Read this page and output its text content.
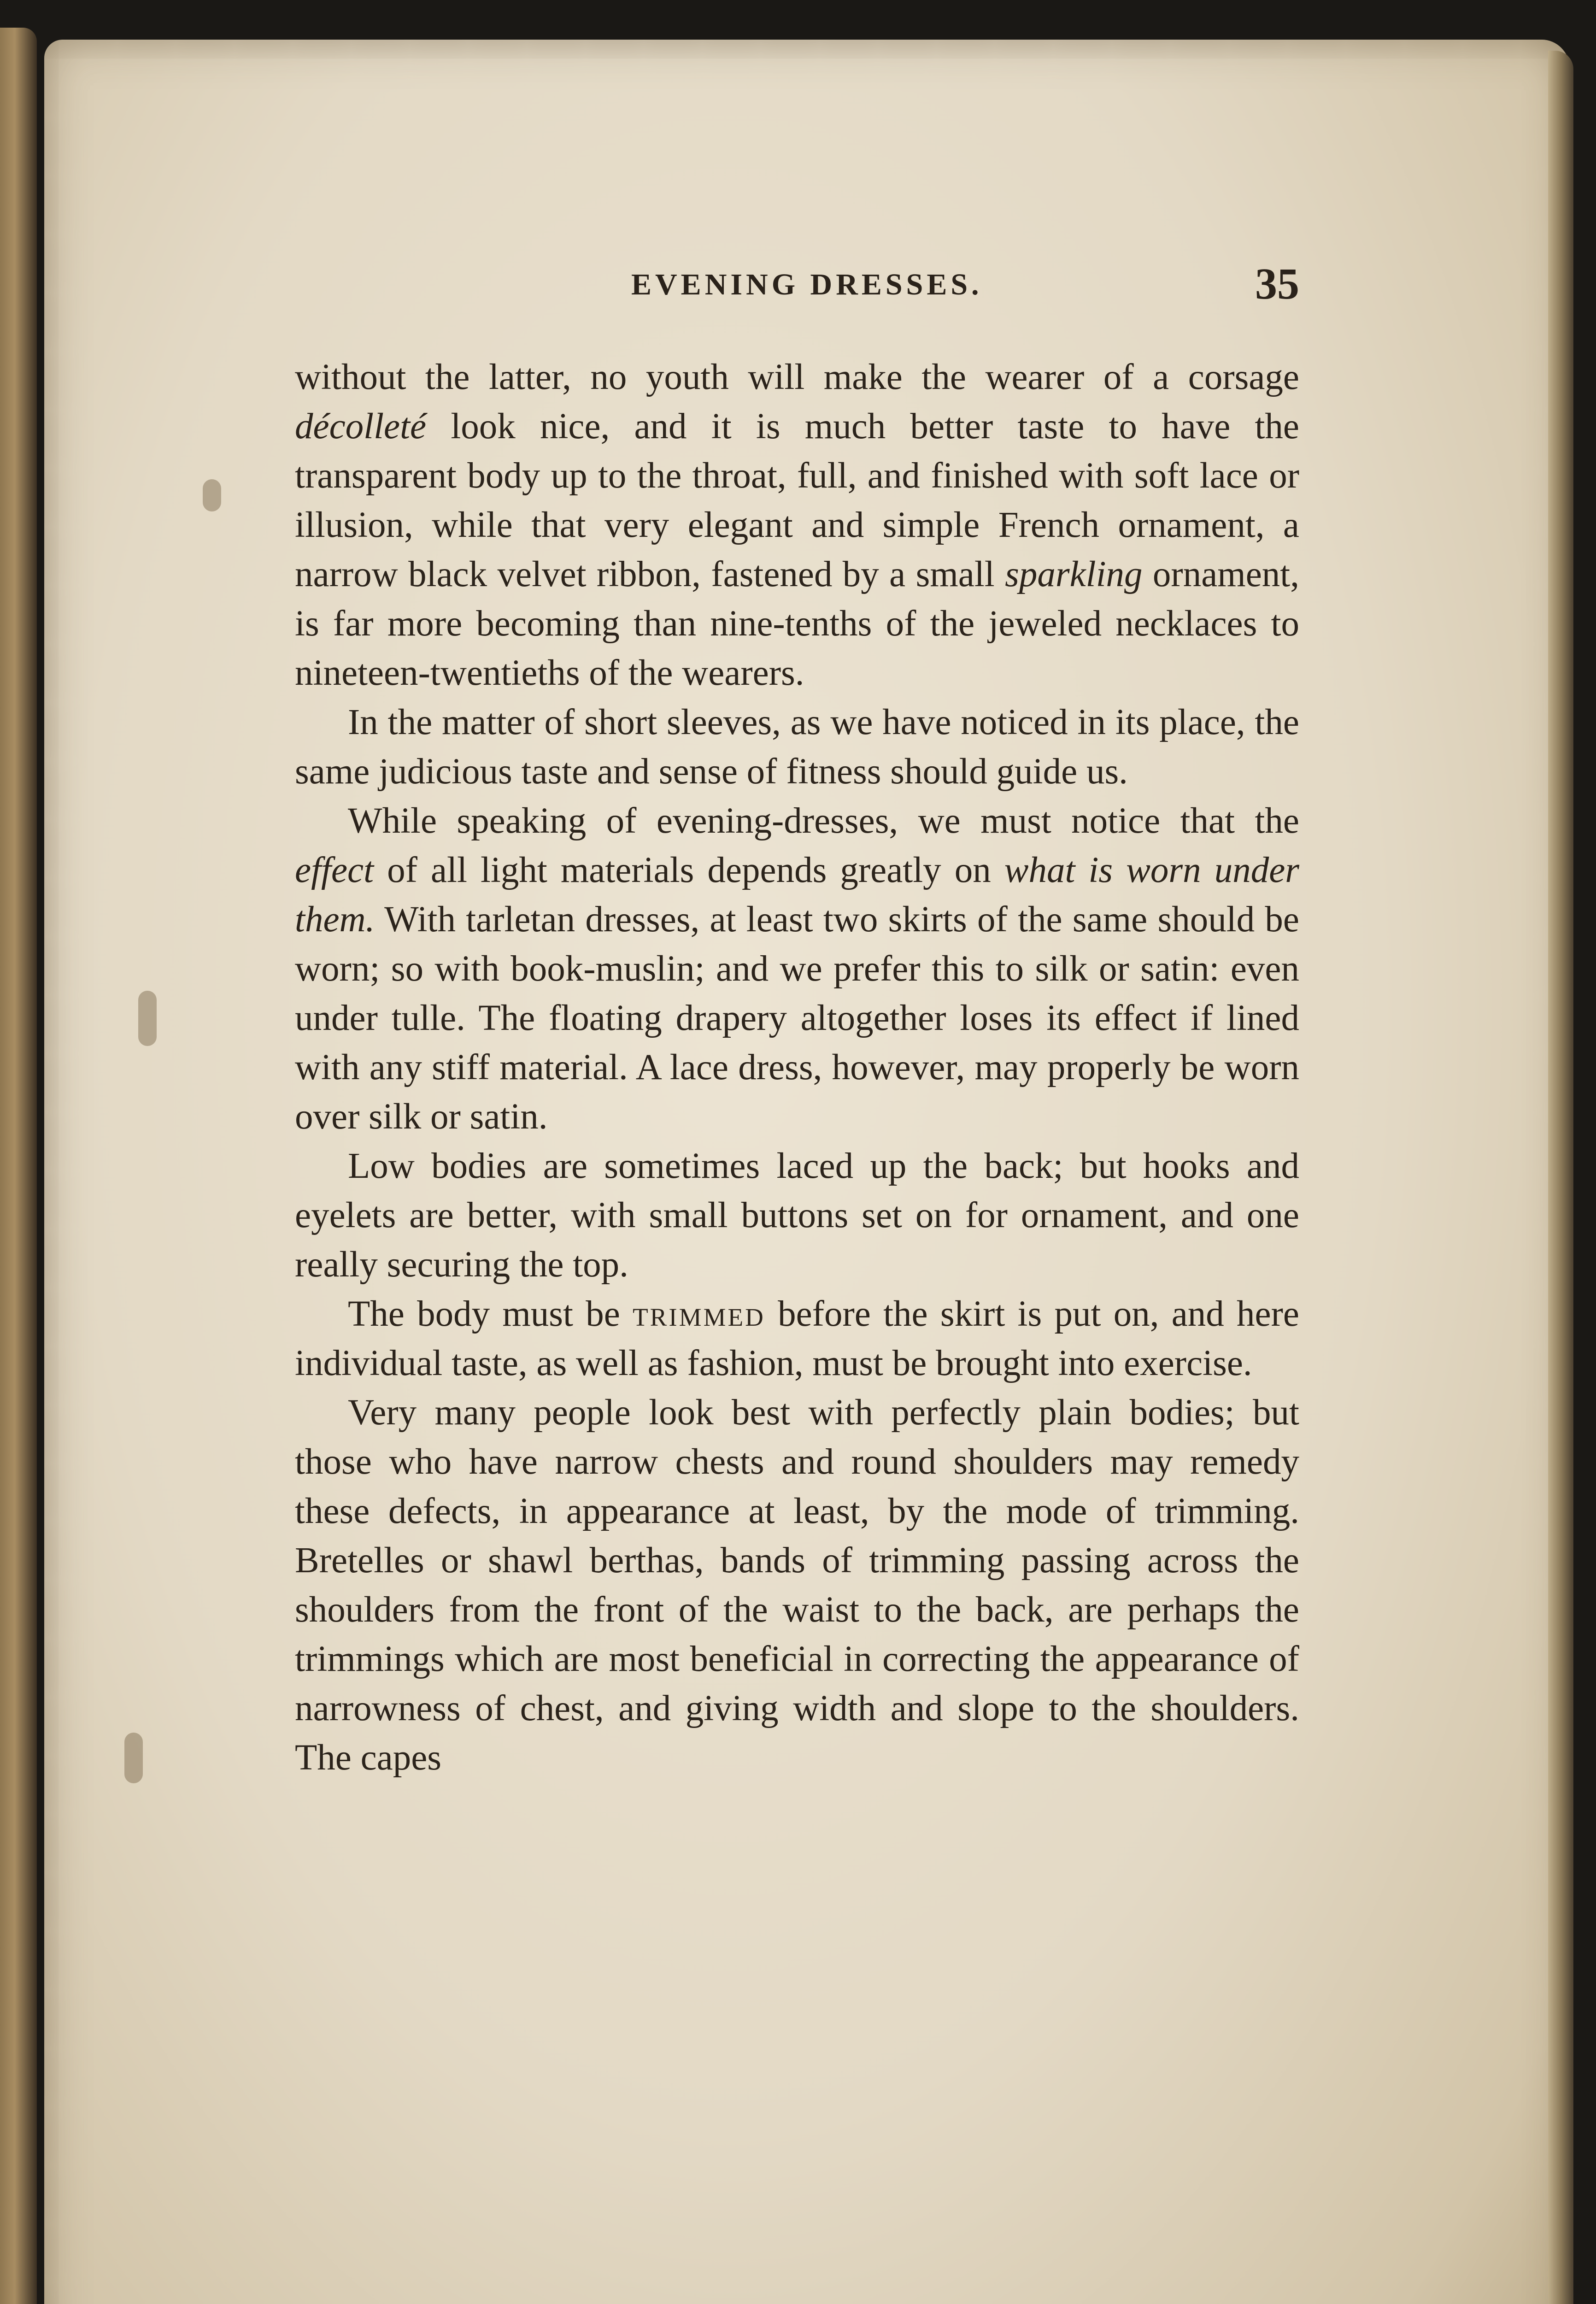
EVENING DRESSES.	35

without the latter, no youth will make the wearer of a corsage décolleté look nice, and it is much better taste to have the transparent body up to the throat, full, and finished with soft lace or illusion, while that very elegant and simple French ornament, a narrow black velvet ribbon, fastened by a small sparkling ornament, is far more becoming than nine-tenths of the jeweled necklaces to nineteen-twentieths of the wearers.

In the matter of short sleeves, as we have noticed in its place, the same judicious taste and sense of fitness should guide us.

While speaking of evening-dresses, we must notice that the effect of all light materials depends greatly on what is worn under them. With tarletan dresses, at least two skirts of the same should be worn; so with book-muslin; and we prefer this to silk or satin: even under tulle. The floating drapery altogether loses its effect if lined with any stiff material. A lace dress, however, may properly be worn over silk or satin.

Low bodies are sometimes laced up the back; but hooks and eyelets are better, with small buttons set on for ornament, and one really securing the top.

The body must be trimmed before the skirt is put on, and here individual taste, as well as fashion, must be brought into exercise.

Very many people look best with perfectly plain bodies; but those who have narrow chests and round shoulders may remedy these defects, in appearance at least, by the mode of trimming. Bretelles or shawl berthas, bands of trimming passing across the shoulders from the front of the waist to the back, are perhaps the trimmings which are most beneficial in correcting the appearance of narrowness of chest, and giving width and slope to the shoulders. The capes
